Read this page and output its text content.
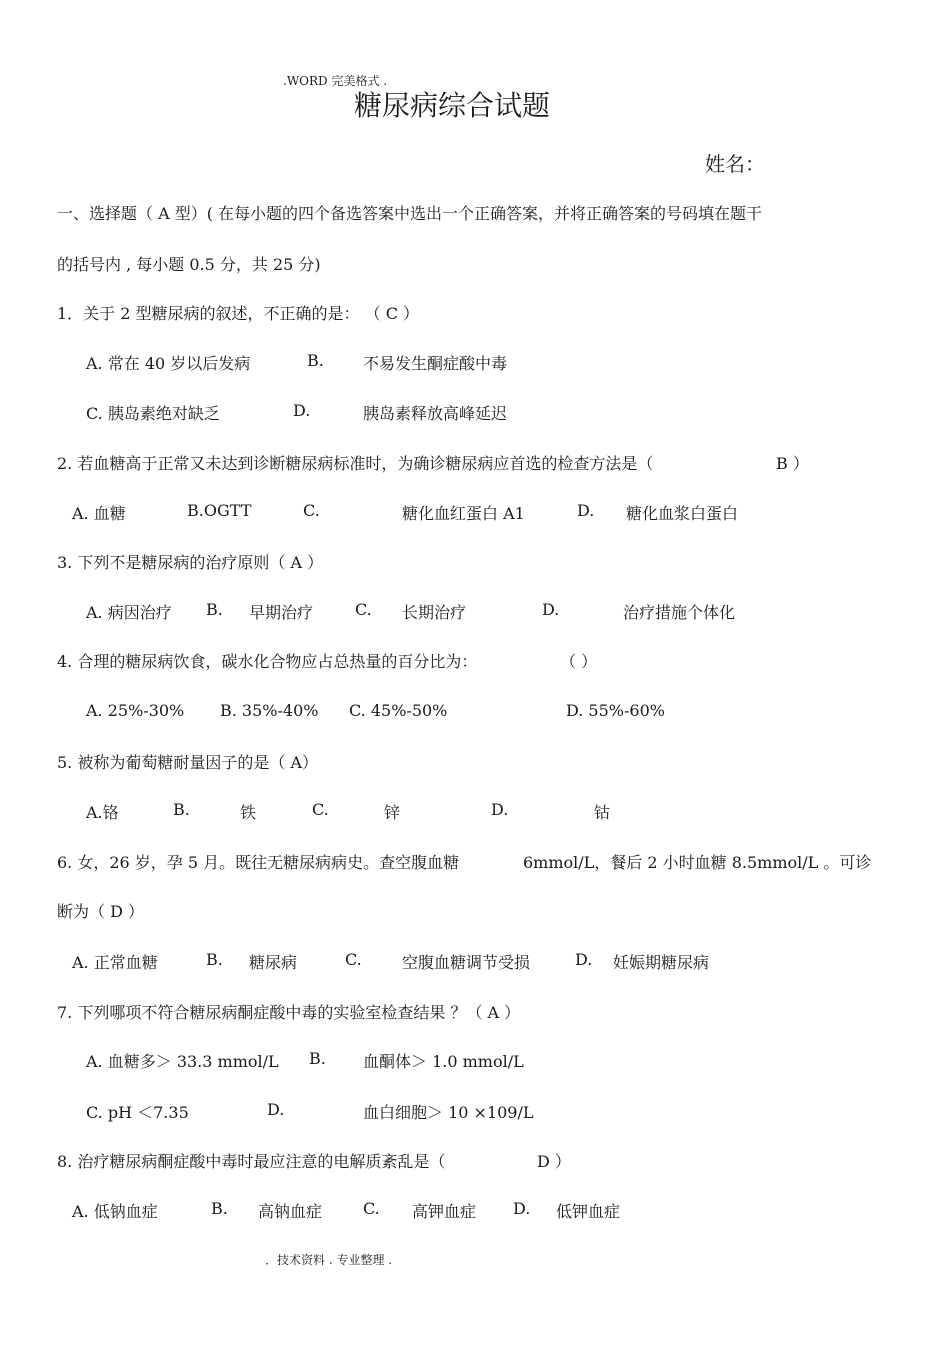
.WORD 完美格式 .
糖尿病综合试题
姓名：
一、选择题（ A 型）( 在每小题的四个备选答案中选出一个正确答案，并将正确答案的号码填在题干
的括号内 , 每小题 0.5 分，共 25 分)
1．关于 2 型糖尿病的叙述，不正确的是： （ C ）
A. 常在 40 岁以后发病	B. 不易发生酮症酸中毒
C. 胰岛素绝对缺乏	D.	胰岛素释放高峰延迟
2. 若血糖高于正常又未达到诊断糖尿病标准时，为确诊糖尿病应首选的检查方法是（	B ）
A. 血糖	B.OGTT	C.	糖化血红蛋白 A1	D. 糖化血浆白蛋白
3. 下列不是糖尿病的治疗原则（ A ）
A. 病因治疗 B. 早期治疗	C. 长期治疗	D.	治疗措施个体化
4. 合理的糖尿病饮食，碳水化合物应占总热量的百分比为：	（ ）
A. 25%-30% B. 35%-40% C. 45%-50%	D. 55%-60%
5. 被称为葡萄糖耐量因子的是（ A）
A.铬	B.	铁	C.	锌	D.	钴
6. 女，26 岁，孕 5 月。既往无糖尿病病史。查空腹血糖	6mmol/L，餐后 2 小时血糖 8.5mmol/L 。可诊
断为（ D ）
A. 正常血糖	B. 糖尿病	C.	空腹血糖调节受损	D. 妊娠期糖尿病
7. 下列哪项不符合糖尿病酮症酸中毒的实验室检查结果 ？（ A ）
A. 血糖多＞ 33.3 mmol/L B. 血酮体＞ 1.0 mmol/L
C. pH ＜7.35	D.	血白细胞＞ 10 ×109/L
8. 治疗糖尿病酮症酸中毒时最应注意的电解质紊乱是（	D ）
A. 低钠血症	B. 高钠血症	C. 高钾血症 D. 低钾血症
．技术资料 . 专业整理 .
